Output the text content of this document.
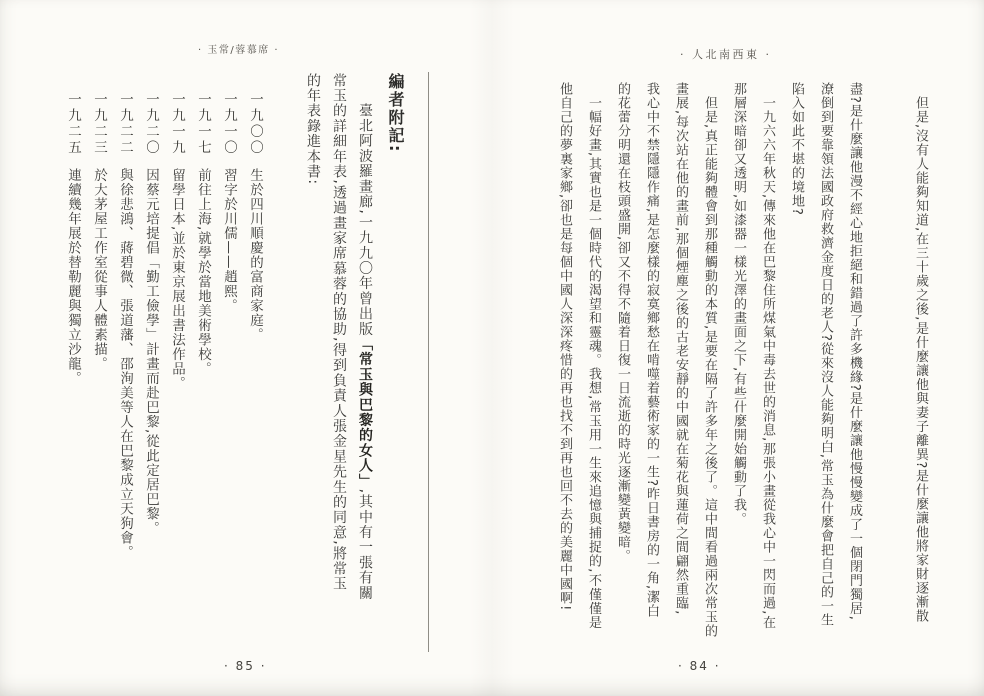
· 玉常/蓉慕席 ·	· 人北南西東 ·
但是,沒有人能夠知道,在三十歲之後,是什麼讓他與妻子離異?是什麼讓他將家財逐漸散
盡?是什麼讓他漫不經心地拒絕和錯過了許多機緣?是什麼讓他慢慢變成了一個閉門獨居,
潦倒到要靠領法國政府救濟金度日的老人?從來沒人能夠明白,常玉為什麼會把自己的一生
陷入如此不堪的境地?
一九六六年秋天,傳來他在巴黎住所煤氣中毒去世的消息,那張小畫從我心中一閃而過,在
那層深暗卻又透明,如漆器一樣光澤的畫面之下,有些什麼開始觸動了我。
但是,真正能夠體會到那種觸動的本質,是要在隔了許多年之後了。這中間看過兩次常玉的
畫展,每次站在他的畫前,那個煙塵之後的古老安靜的中國就在菊花與蓮荷之間翩然重臨,
我心中不禁隱隱作痛,是怎麼樣的寂寞鄉愁在啃噬着藝術家的一生?昨日書房的一角,潔白
的花蕾分明還在枝頭盛開,卻又不得不隨着日復一日流逝的時光逐漸變黃變暗。
一幅好畫,其實也是一個時代的渴望和靈魂。我想,常玉用一生來追憶與捕捉的,不僅僅是
他自己的夢裏家鄉,卻也是每個中國人深深疼惜的再也找不到再也回不去的美麗中國啊!
編者附記:
臺北阿波羅畫廊,一九九〇年曾出版「常玉與巴黎的女人」,其中有一張有關
常玉的詳細年表,透過畫家席慕蓉的協助,得到負責人張金星先生的同意,將常玉
的年表錄進本書:
一九〇〇生於四川順慶的富商家庭。
一九一〇習字於川儒——趙熙。
一九一七前往上海,就學於當地美術學校。
一九一九留學日本,並於東京展出書法作品。
一九二〇因蔡元培提倡「勤工儉學」計畫而赴巴黎,從此定居巴黎。
一九二二與徐悲鴻、蔣碧微、張道藩、邵洵美等人在巴黎成立天狗會。
一九二三於大茅屋工作室從事人體素描。
一九二五連續幾年展於替勒麗與獨立沙龍。
· 85 ·	· 84 ·
